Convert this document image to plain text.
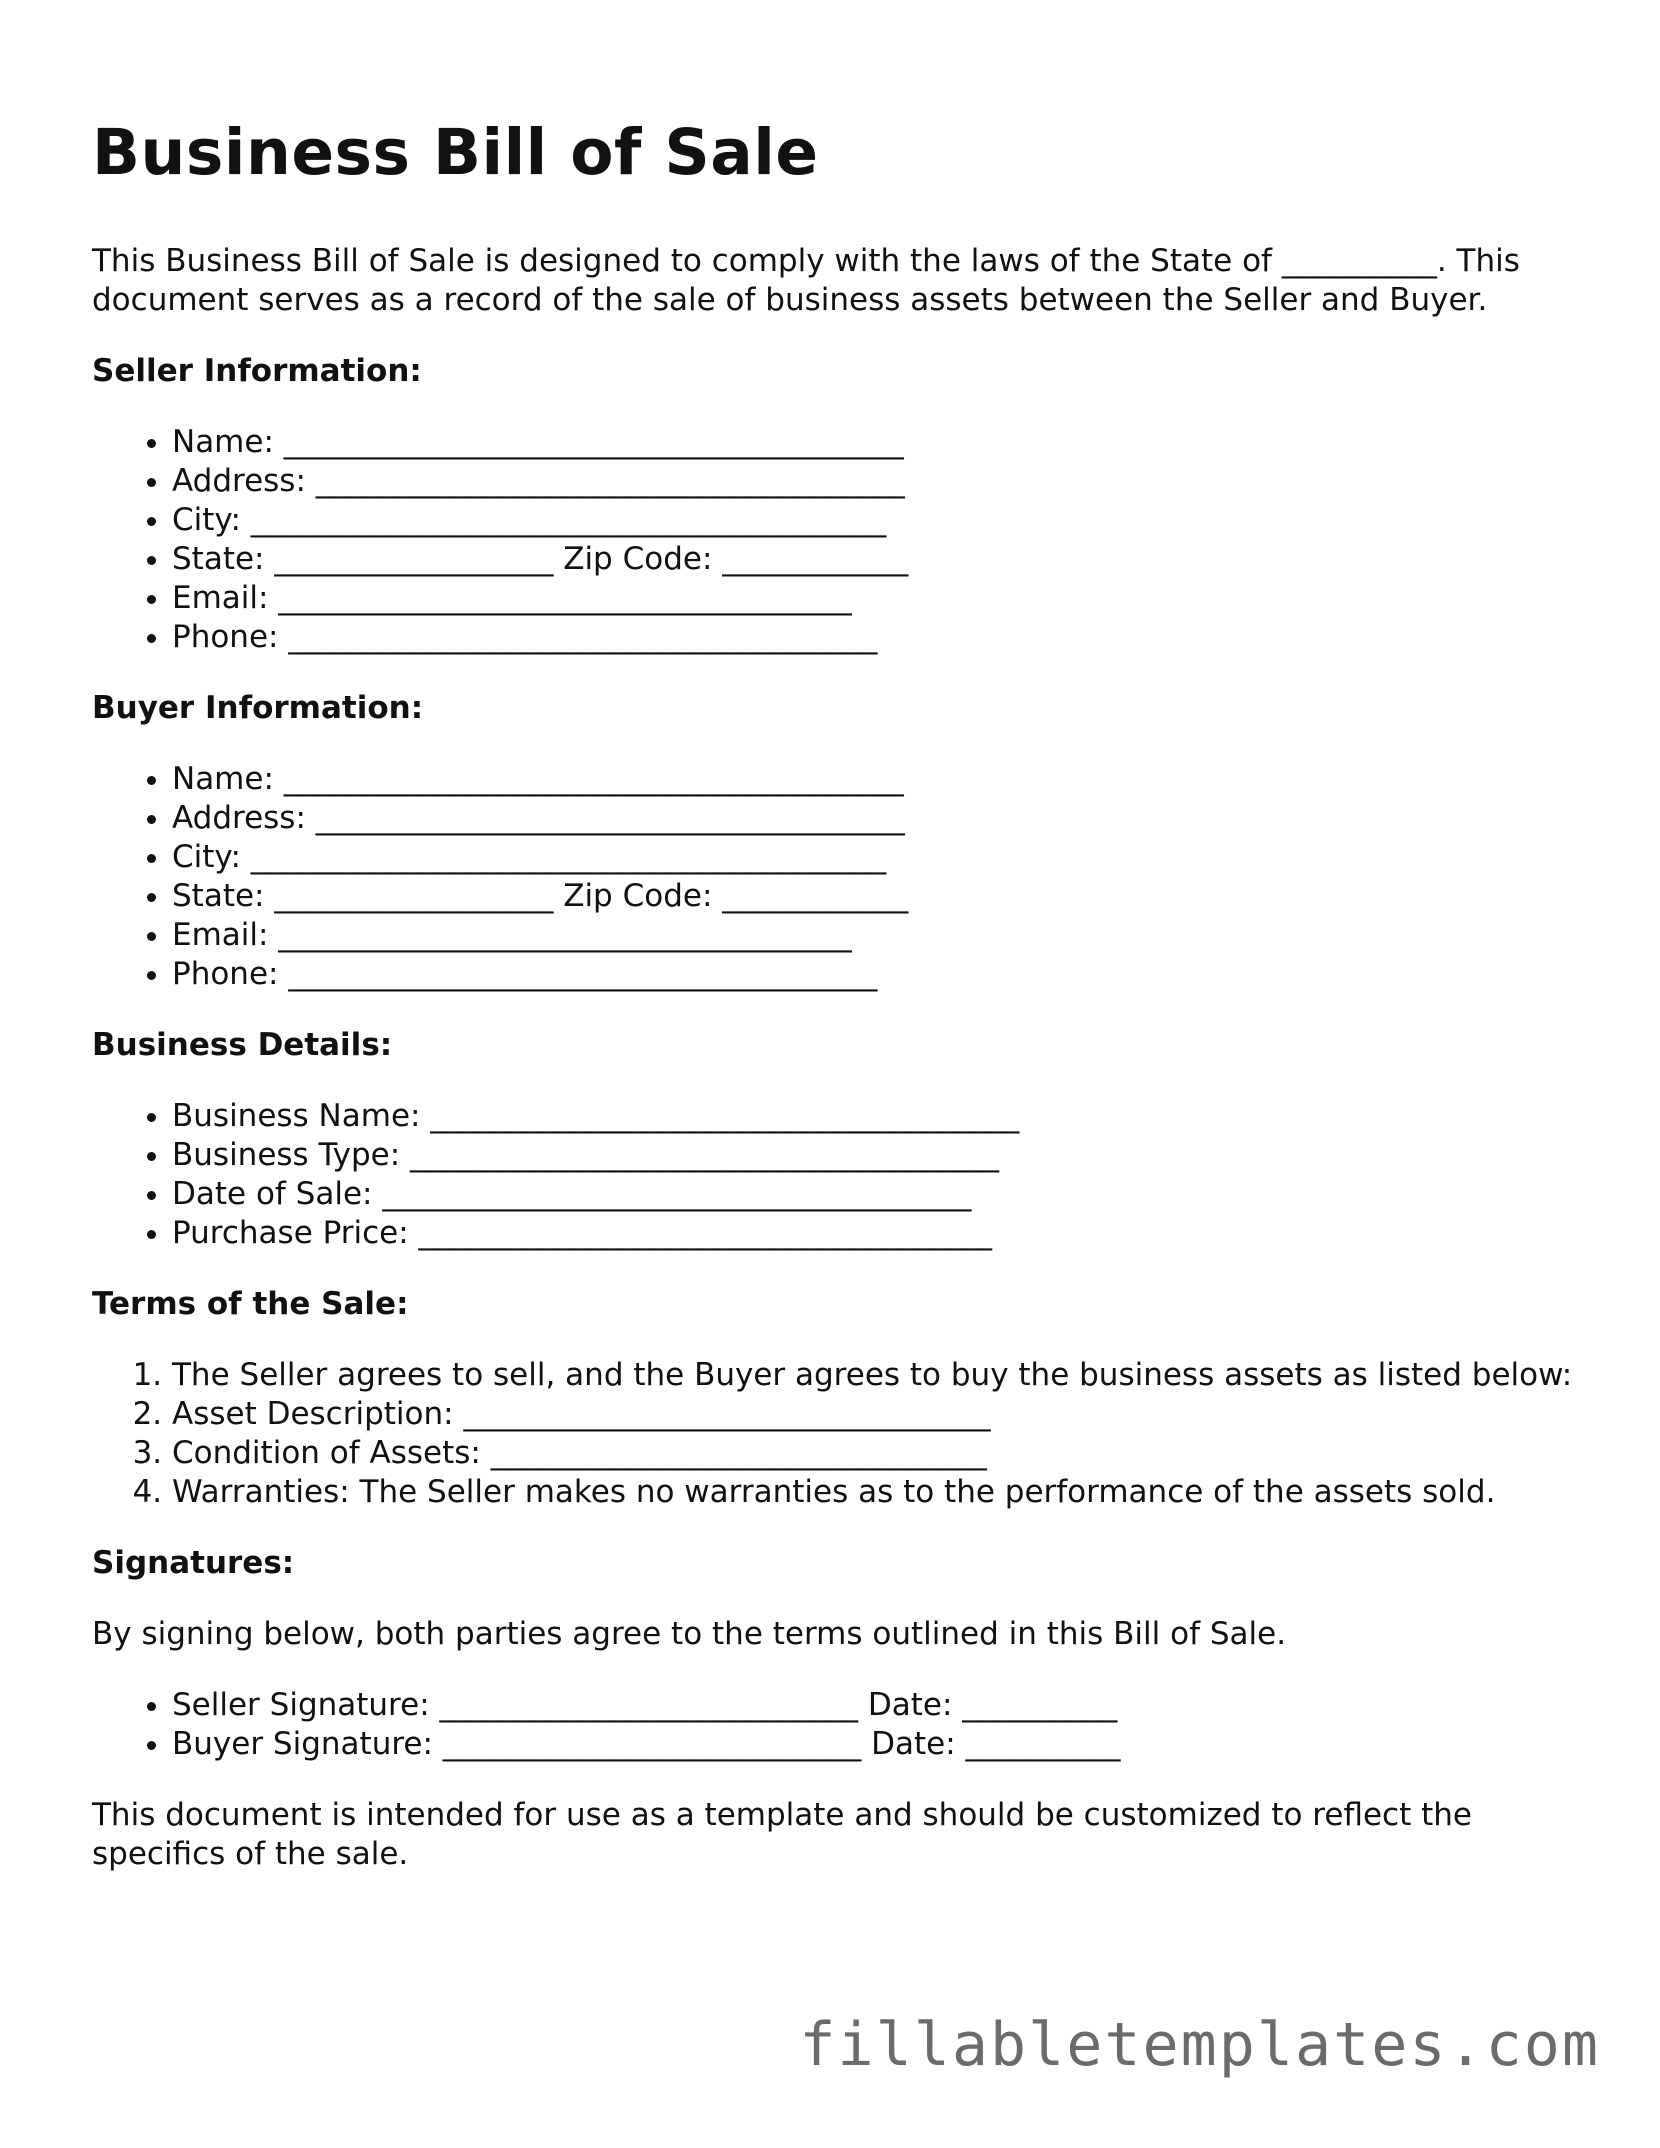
Business Bill of Sale

This Business Bill of Sale is designed to comply with the laws of the State of __________. This document serves as a record of the sale of business assets between the Seller and Buyer.

Seller Information:
• Name: ________________________________________
• Address: ______________________________________
• City: _________________________________________
• State: __________________ Zip Code: ____________
• Email: _____________________________________
• Phone: ______________________________________
Buyer Information:
• Name: ________________________________________
• Address: ______________________________________
• City: _________________________________________
• State: __________________ Zip Code: ____________
• Email: _____________________________________
• Phone: ______________________________________
Business Details:
• Business Name: ______________________________________
• Business Type: ______________________________________
• Date of Sale: ______________________________________
• Purchase Price: _____________________________________
Terms of the Sale:
1. The Seller agrees to sell, and the Buyer agrees to buy the business assets as listed below:
2. Asset Description: __________________________________
3. Condition of Assets: ________________________________
4. Warranties: The Seller makes no warranties as to the performance of the assets sold.
Signatures:

By signing below, both parties agree to the terms outlined in this Bill of Sale.

• Seller Signature: ___________________________ Date: __________
• Buyer Signature: ___________________________ Date: __________

This document is intended for use as a template and should be customized to reflect the specifics of the sale.

fillabletemplates.com
